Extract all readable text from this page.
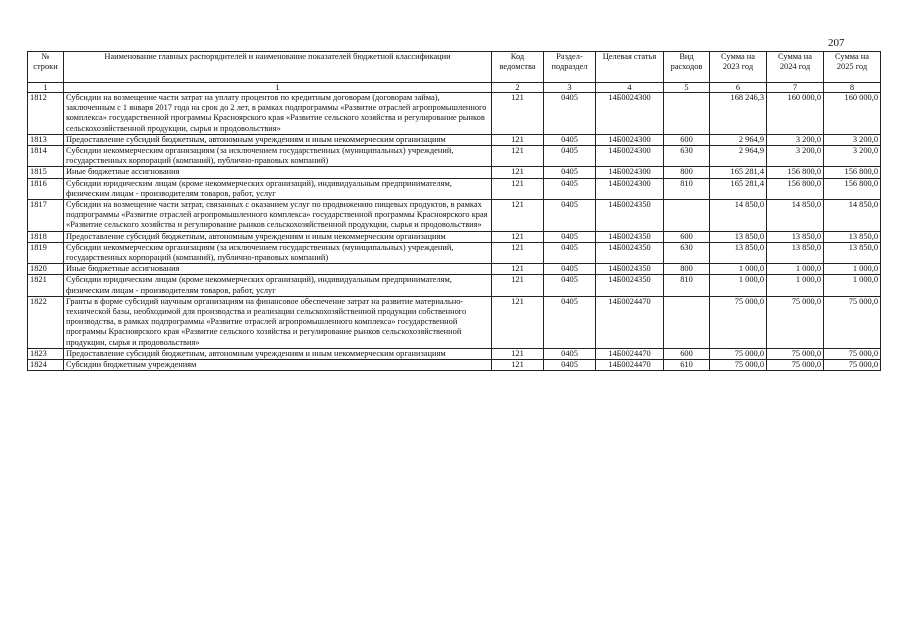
207
№ строки	Наименование главных распорядителей и наименование показателей бюджетной классификации	Код ведомства	Раздел-подраздел	Целевая статья	Вид расходов	Сумма на 2023 год	Сумма на 2024 год	Сумма на 2025 год
1	1	2	3	4	5	6	7	8
1812	Субсидии на возмещение части затрат на уплату процентов по кредитным договорам (договорам займа), заключенным с 1 января 2017 года на срок до 2 лет, в рамках подпрограммы «Развитие отраслей агропромышленного комплекса» государственной программы Красноярского края «Развитие сельского хозяйства и регулирование рынков сельскохозяйственной продукции, сырья и продовольствия»	121	0405	14Б0024300		168 246,3	160 000,0	160 000,0
1813	Предоставление субсидий бюджетным, автономным учреждениям и иным некоммерческим организациям	121	0405	14Б0024300	600	2 964,9	3 200,0	3 200,0
1814	Субсидии некоммерческим организациям (за исключением государственных (муниципальных) учреждений, государственных корпораций (компаний), публично-правовых компаний)	121	0405	14Б0024300	630	2 964,9	3 200,0	3 200,0
1815	Иные бюджетные ассигнования	121	0405	14Б0024300	800	165 281,4	156 800,0	156 800,0
1816	Субсидии юридическим лицам (кроме некоммерческих организаций), индивидуальным предпринимателям, физическим лицам - производителям товаров, работ, услуг	121	0405	14Б0024300	810	165 281,4	156 800,0	156 800,0
1817	Субсидии на возмещение части затрат, связанных с оказанием услуг по продвижению пищевых продуктов, в рамках подпрограммы «Развитие отраслей агропромышленного комплекса» государственной программы Красноярского края «Развитие сельского хозяйства и регулирование рынков сельскохозяйственной продукции, сырья и продовольствия»	121	0405	14Б0024350		14 850,0	14 850,0	14 850,0
1818	Предоставление субсидий бюджетным, автономным учреждениям и иным некоммерческим организациям	121	0405	14Б0024350	600	13 850,0	13 850,0	13 850,0
1819	Субсидии некоммерческим организациям (за исключением государственных (муниципальных) учреждений, государственных корпораций (компаний), публично-правовых компаний)	121	0405	14Б0024350	630	13 850,0	13 850,0	13 850,0
1820	Иные бюджетные ассигнования	121	0405	14Б0024350	800	1 000,0	1 000,0	1 000,0
1821	Субсидии юридическим лицам (кроме некоммерческих организаций), индивидуальным предпринимателям, физическим лицам - производителям товаров, работ, услуг	121	0405	14Б0024350	810	1 000,0	1 000,0	1 000,0
1822	Гранты в форме субсидий научным организациям на финансовое обеспечение затрат на развитие материально-технической базы, необходимой для производства и реализации сельскохозяйственной продукции собственного производства, в рамках подпрограммы «Развитие отраслей агропромышленного комплекса» государственной программы Красноярского края «Развитие сельского хозяйства и регулирование рынков сельскохозяйственной продукции, сырья и продовольствия»	121	0405	14Б0024470		75 000,0	75 000,0	75 000,0
1823	Предоставление субсидий бюджетным, автономным учреждениям и иным некоммерческим организациям	121	0405	14Б0024470	600	75 000,0	75 000,0	75 000,0
1824	Субсидии бюджетным учреждениям	121	0405	14Б0024470	610	75 000,0	75 000,0	75 000,0
